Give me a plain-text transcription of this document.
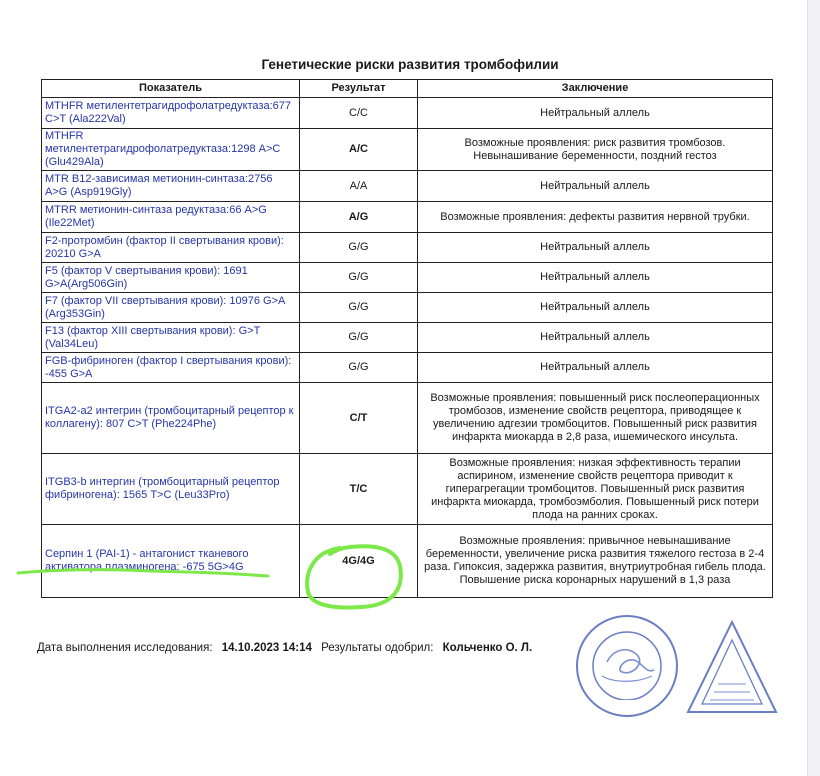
Генетические риски развития тромбофилии
Показатель	Результат	Заключение
MTHFR метилентетрагидрофолатредуктаза:677 C>T (Ala222Val)	C/C	Нейтральный аллель
MTHFR метилентетрагидрофолатредуктаза:1298 A>C (Glu429Ala)	A/C	Возможные проявления: риск развития тромбозов. Невынашивание беременности, поздний гестоз
MTR B12-зависимая метионин-синтаза:2756 A>G (Asp919Gly)	A/A	Нейтральный аллель
MTRR метионин-синтаза редуктаза:66 A>G (Ile22Met)	A/G	Возможные проявления: дефекты развития нервной трубки.
F2-протромбин (фактор II свертывания крови): 20210 G>A	G/G	Нейтральный аллель
F5 (фактор V свертывания крови): 1691 G>A(Arg506Gin)	G/G	Нейтральный аллель
F7 (фактор VII свертывания крови): 10976 G>A (Arg353Gin)	G/G	Нейтральный аллель
F13 (фактор XIII свертывания крови): G>T (Val34Leu)	G/G	Нейтральный аллель
FGB-фибриноген (фактор I свертывания крови): -455 G>A	G/G	Нейтральный аллель
ITGA2-a2 интегрин (тромбоцитарный рецептор к коллагену): 807 C>T (Phe224Phe)	C/T	Возможные проявления: повышенный риск послеоперационных тромбозов, изменение свойств рецептора, приводящее к увеличению адгезии тромбоцитов. Повышенный риск развития инфаркта миокарда в 2,8 раза, ишемического инсульта.
ITGB3-b интергин (тромбоцитарный рецептор фибриногена): 1565 T>C (Leu33Pro)	T/C	Возможные проявления: низкая эффективность терапии аспирином, изменение свойств рецептора приводит к гиперагрегации тромбоцитов. Повышенный риск развития инфаркта миокарда, тромбоэмболия. Повышенный риск потери плода на ранних сроках.
Серпин 1 (PAI-1) - антагонист тканевого активатора плазминогена: -675 5G>4G	4G/4G	Возможные проявления: привычное невынашивание беременности, увеличение риска развития тяжелого гестоза в 2-4 раза. Гипоксия, задержка развития, внутриутробная гибель плода. Повышение риска коронарных нарушений в 1,3 раза
Дата выполнения исследования: 14.10.2023 14:14 Результаты одобрил: Кольченко О. Л.
